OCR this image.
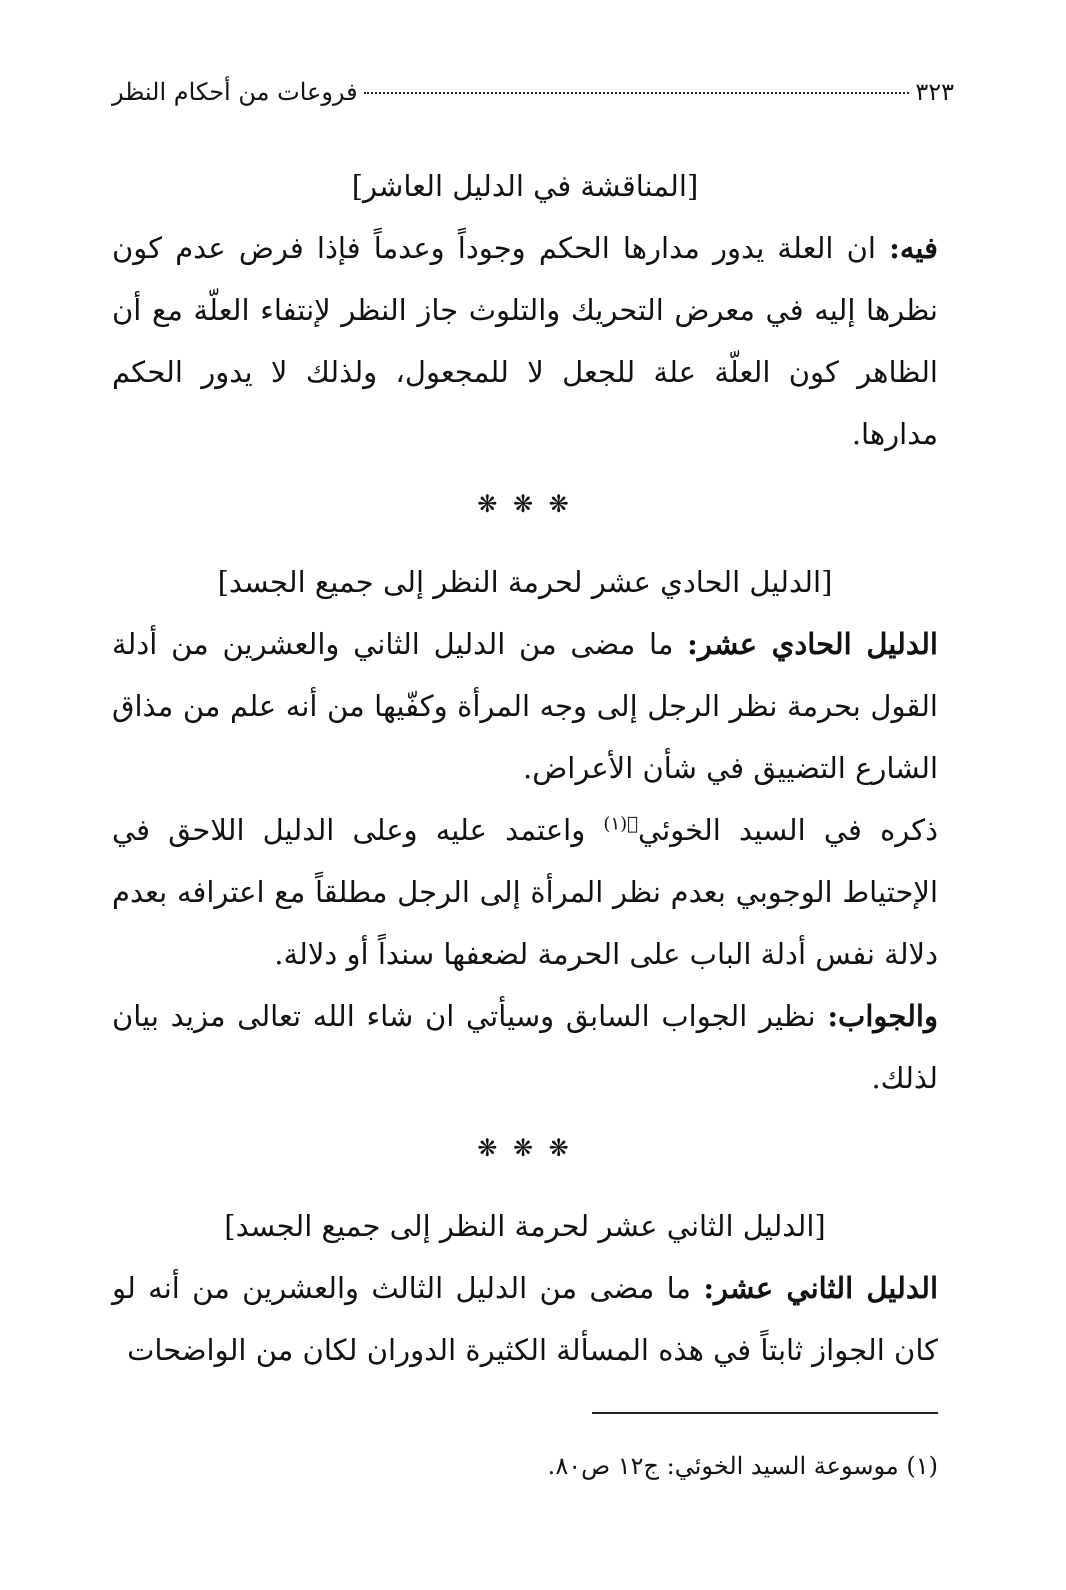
٣٢٣
فروعات من أحكام النظر

[المناقشة في الدليل العاشر]

فيه: ان العلة يدور مدارها الحكم وجوداً وعدماً فإذا فرض عدم كون نظرها إليه في معرض التحريك والتلوث جاز النظر لإنتفاء العلّة مع أن الظاهر كون العلّة علة للجعل لا للمجعول، ولذلك لا يدور الحكم مدارها.

❋ ❋ ❋

[الدليل الحادي عشر لحرمة النظر إلى جميع الجسد]

الدليل الحادي عشر: ما مضى من الدليل الثاني والعشرين من أدلة القول بحرمة نظر الرجل إلى وجه المرأة وكفّيها من أنه علم من مذاق الشارع التضييق في شأن الأعراض.

ذكره في السيد الخوئي$^{﷬(١)}$ واعتمد عليه وعلى الدليل اللاحق في الإحتياط الوجوبي بعدم نظر المرأة إلى الرجل مطلقاً مع اعترافه بعدم دلالة نفس أدلة الباب على الحرمة لضعفها سنداً أو دلالة.

والجواب: نظير الجواب السابق وسيأتي ان شاء الله تعالى مزيد بيان لذلك.

❋ ❋ ❋

[الدليل الثاني عشر لحرمة النظر إلى جميع الجسد]

الدليل الثاني عشر: ما مضى من الدليل الثالث والعشرين من أنه لو كان الجواز ثابتاً في هذه المسألة الكثيرة الدوران لكان من الواضحات

(١) موسوعة السيد الخوئي: ج١٢ ص٨٠.
